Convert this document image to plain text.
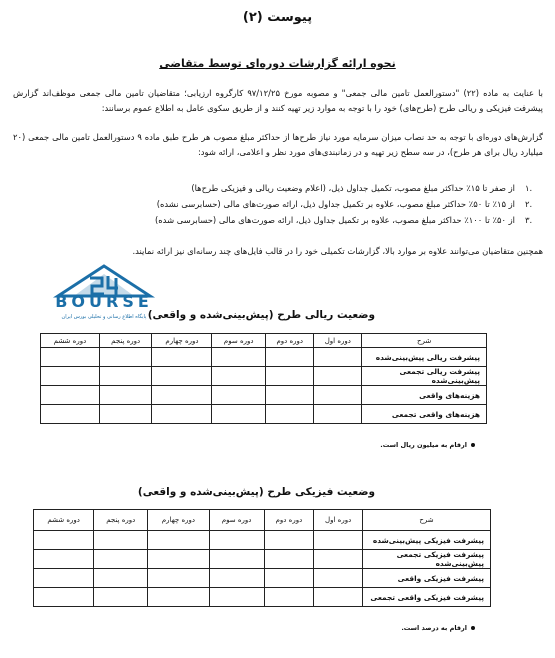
پیوست (۲)
نحوه ارائه گزارشات دوره‌ای توسط متقاضی

با عنایت به ماده (۲۲) "دستورالعمل تامین مالی جمعی" و مصوبه مورخ ۹۷/۱۲/۲۵ کارگروه ارزیابی؛ متقاضیان تامین مالی جمعی موظف‌اند گزارش پیشرفت فیزیکی و ریالی طرح (طرح‌های) خود را با توجه به موارد زیر تهیه کنند و از طریق سکوی عامل به اطلاع عموم برسانند:

گزارش‌های دوره‌ای با توجه به حد نصاب میزان سرمایه مورد نیاز طرح‌ها از حداکثر مبلغ مصوب هر طرح طبق ماده ۹ دستورالعمل تامین مالی جمعی (۲۰ میلیارد ریال برای هر طرح)، در سه سطح زیر تهیه و در زمانبندی‌های مورد نظر و اعلامی، ارائه شود:

.۱
از صفر تا ۱۵٪ حداکثر مبلغ مصوب، تکمیل جداول ذیل، (اعلام وضعیت ریالی و فیزیکی طرح‌ها)
.۲
از ۱۵٪ تا ۵۰٪ حداکثر مبلغ مصوب، علاوه بر تکمیل جداول ذیل، ارائه صورت‌های مالی (حسابرسی نشده)
.۳
از ۵۰٪ تا ۱۰۰٪ حداکثر مبلغ مصوب، علاوه بر تکمیل جداول ذیل، ارائه صورت‌های مالی (حسابرسی شده)

همچنین متقاضیان می‌توانند علاوه بر موارد بالا، گزارشات تکمیلی خود را در قالب فایل‌های چند رسانه‌ای نیز ارائه نمایند.

BOURSE
پایگاه اطلاع رسانی و تحلیلی بورس ایران وضعیت ریالی طرح (پیش‌بینی‌شده و واقعی)
شرح	دوره اول	دوره دوم	دوره سوم	دوره چهارم	دوره پنجم	دوره ششم
پیشرفت ریالی پیش‌بینی‌شده						
پیشرفت ریالی تجمعی پیش‌بینی‌شده						
هزینه‌های واقعی						
هزینه‌های واقعی تجمعی						
ارقام به میلیون ریال است.
وضعیت فیزیکی طرح (پیش‌بینی‌شده و واقعی)
شرح	دوره اول	دوره دوم	دوره سوم	دوره چهارم	دوره پنجم	دوره ششم
پیشرفت فیزیکی پیش‌بینی‌شده						
پیشرفت فیزیکی تجمعی پیش‌بینی‌شده						
پیشرفت فیزیکی واقعی						
پیشرفت فیزیکی واقعی تجمعی						
ارقام به درصد است.
